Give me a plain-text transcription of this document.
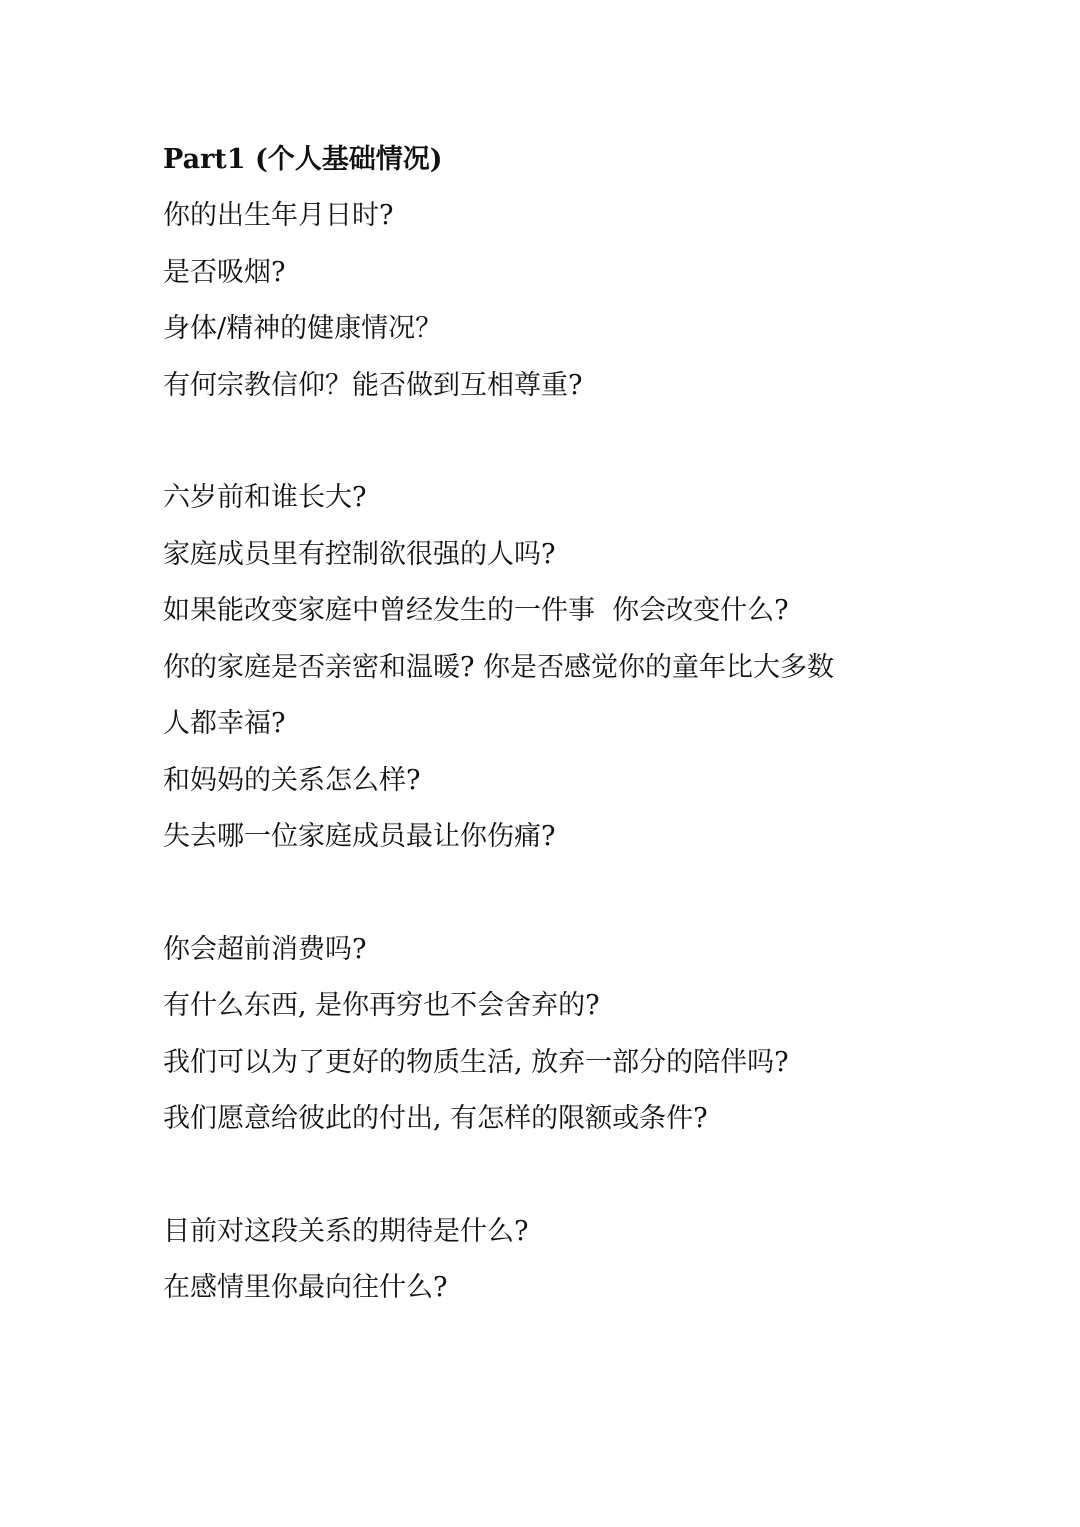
Part1 (个人基础情况)
你的出生年月日时?
是否吸烟?
身体/精神的健康情况？
有何宗教信仰？能否做到互相尊重?
六岁前和谁长大?
家庭成员里有控制欲很强的人吗?
如果能改变家庭中曾经发生的一件事  你会改变什么?
你的家庭是否亲密和温暖? 你是否感觉你的童年比大多数
人都幸福?
和妈妈的关系怎么样?
失去哪一位家庭成员最让你伤痛?
你会超前消费吗?
有什么东西, 是你再穷也不会舍弃的?
我们可以为了更好的物质生活, 放弃一部分的陪伴吗?
我们愿意给彼此的付出, 有怎样的限额或条件?
目前对这段关系的期待是什么?
在感情里你最向往什么?
